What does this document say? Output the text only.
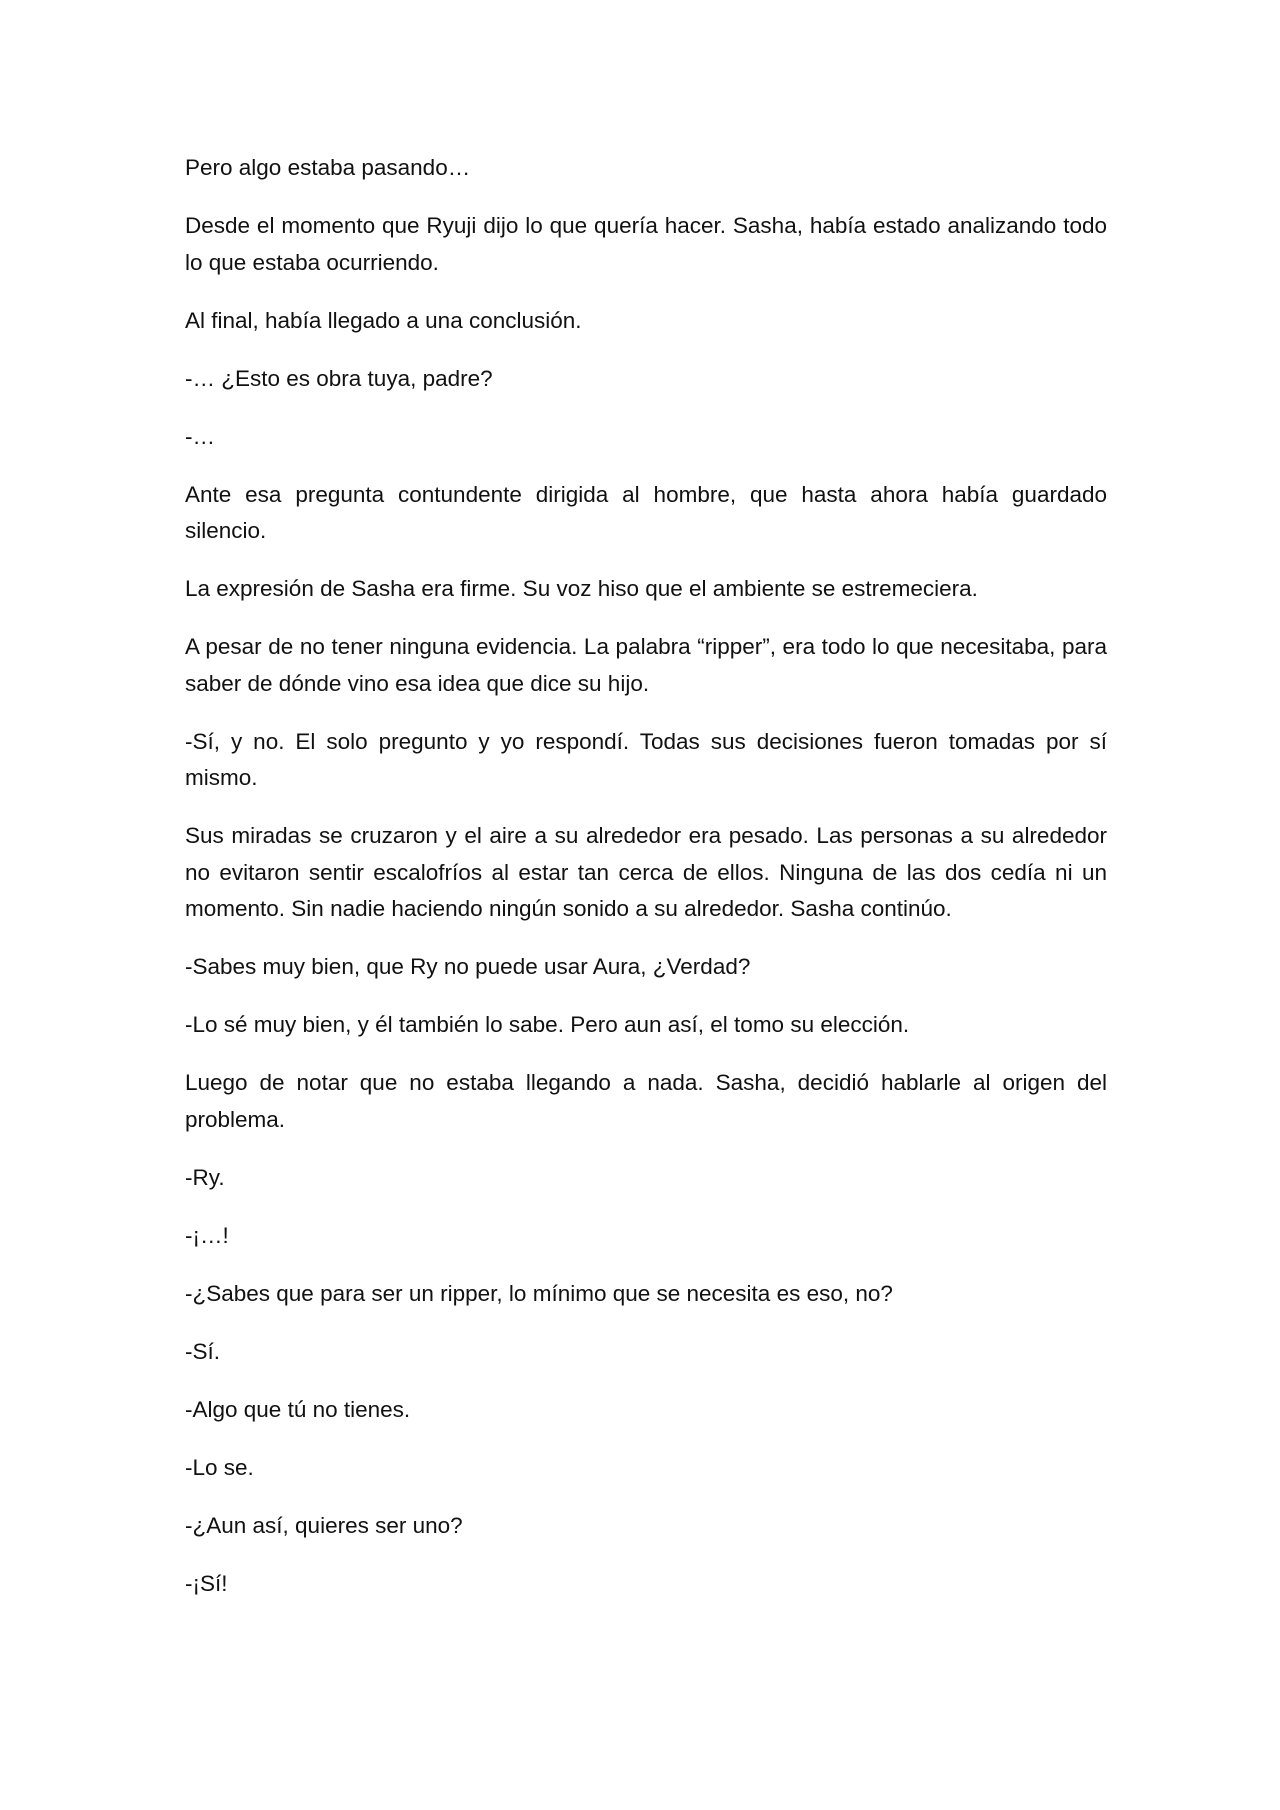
Pero algo estaba pasando…

Desde el momento que Ryuji dijo lo que quería hacer. Sasha, había estado analizando todo lo que estaba ocurriendo.

Al final, había llegado a una conclusión.

-… ¿Esto es obra tuya, padre?

-…

Ante esa pregunta contundente dirigida al hombre, que hasta ahora había guardado silencio.

La expresión de Sasha era firme. Su voz hiso que el ambiente se estremeciera.

A pesar de no tener ninguna evidencia. La palabra “ripper”, era todo lo que necesitaba, para saber de dónde vino esa idea que dice su hijo.

-Sí, y no. El solo pregunto y yo respondí. Todas sus decisiones fueron tomadas por sí mismo.

Sus miradas se cruzaron y el aire a su alrededor era pesado. Las personas a su alrededor no evitaron sentir escalofríos al estar tan cerca de ellos. Ninguna de las dos cedía ni un momento. Sin nadie haciendo ningún sonido a su alrededor. Sasha continúo.

-Sabes muy bien, que Ry no puede usar Aura, ¿Verdad?

-Lo sé muy bien, y él también lo sabe. Pero aun así, el tomo su elección.

Luego de notar que no estaba llegando a nada. Sasha, decidió hablarle al origen del problema.

-Ry.

-¡…!

-¿Sabes que para ser un ripper, lo mínimo que se necesita es eso, no?

-Sí.

-Algo que tú no tienes.

-Lo se.

-¿Aun así, quieres ser uno?

-¡Sí!
